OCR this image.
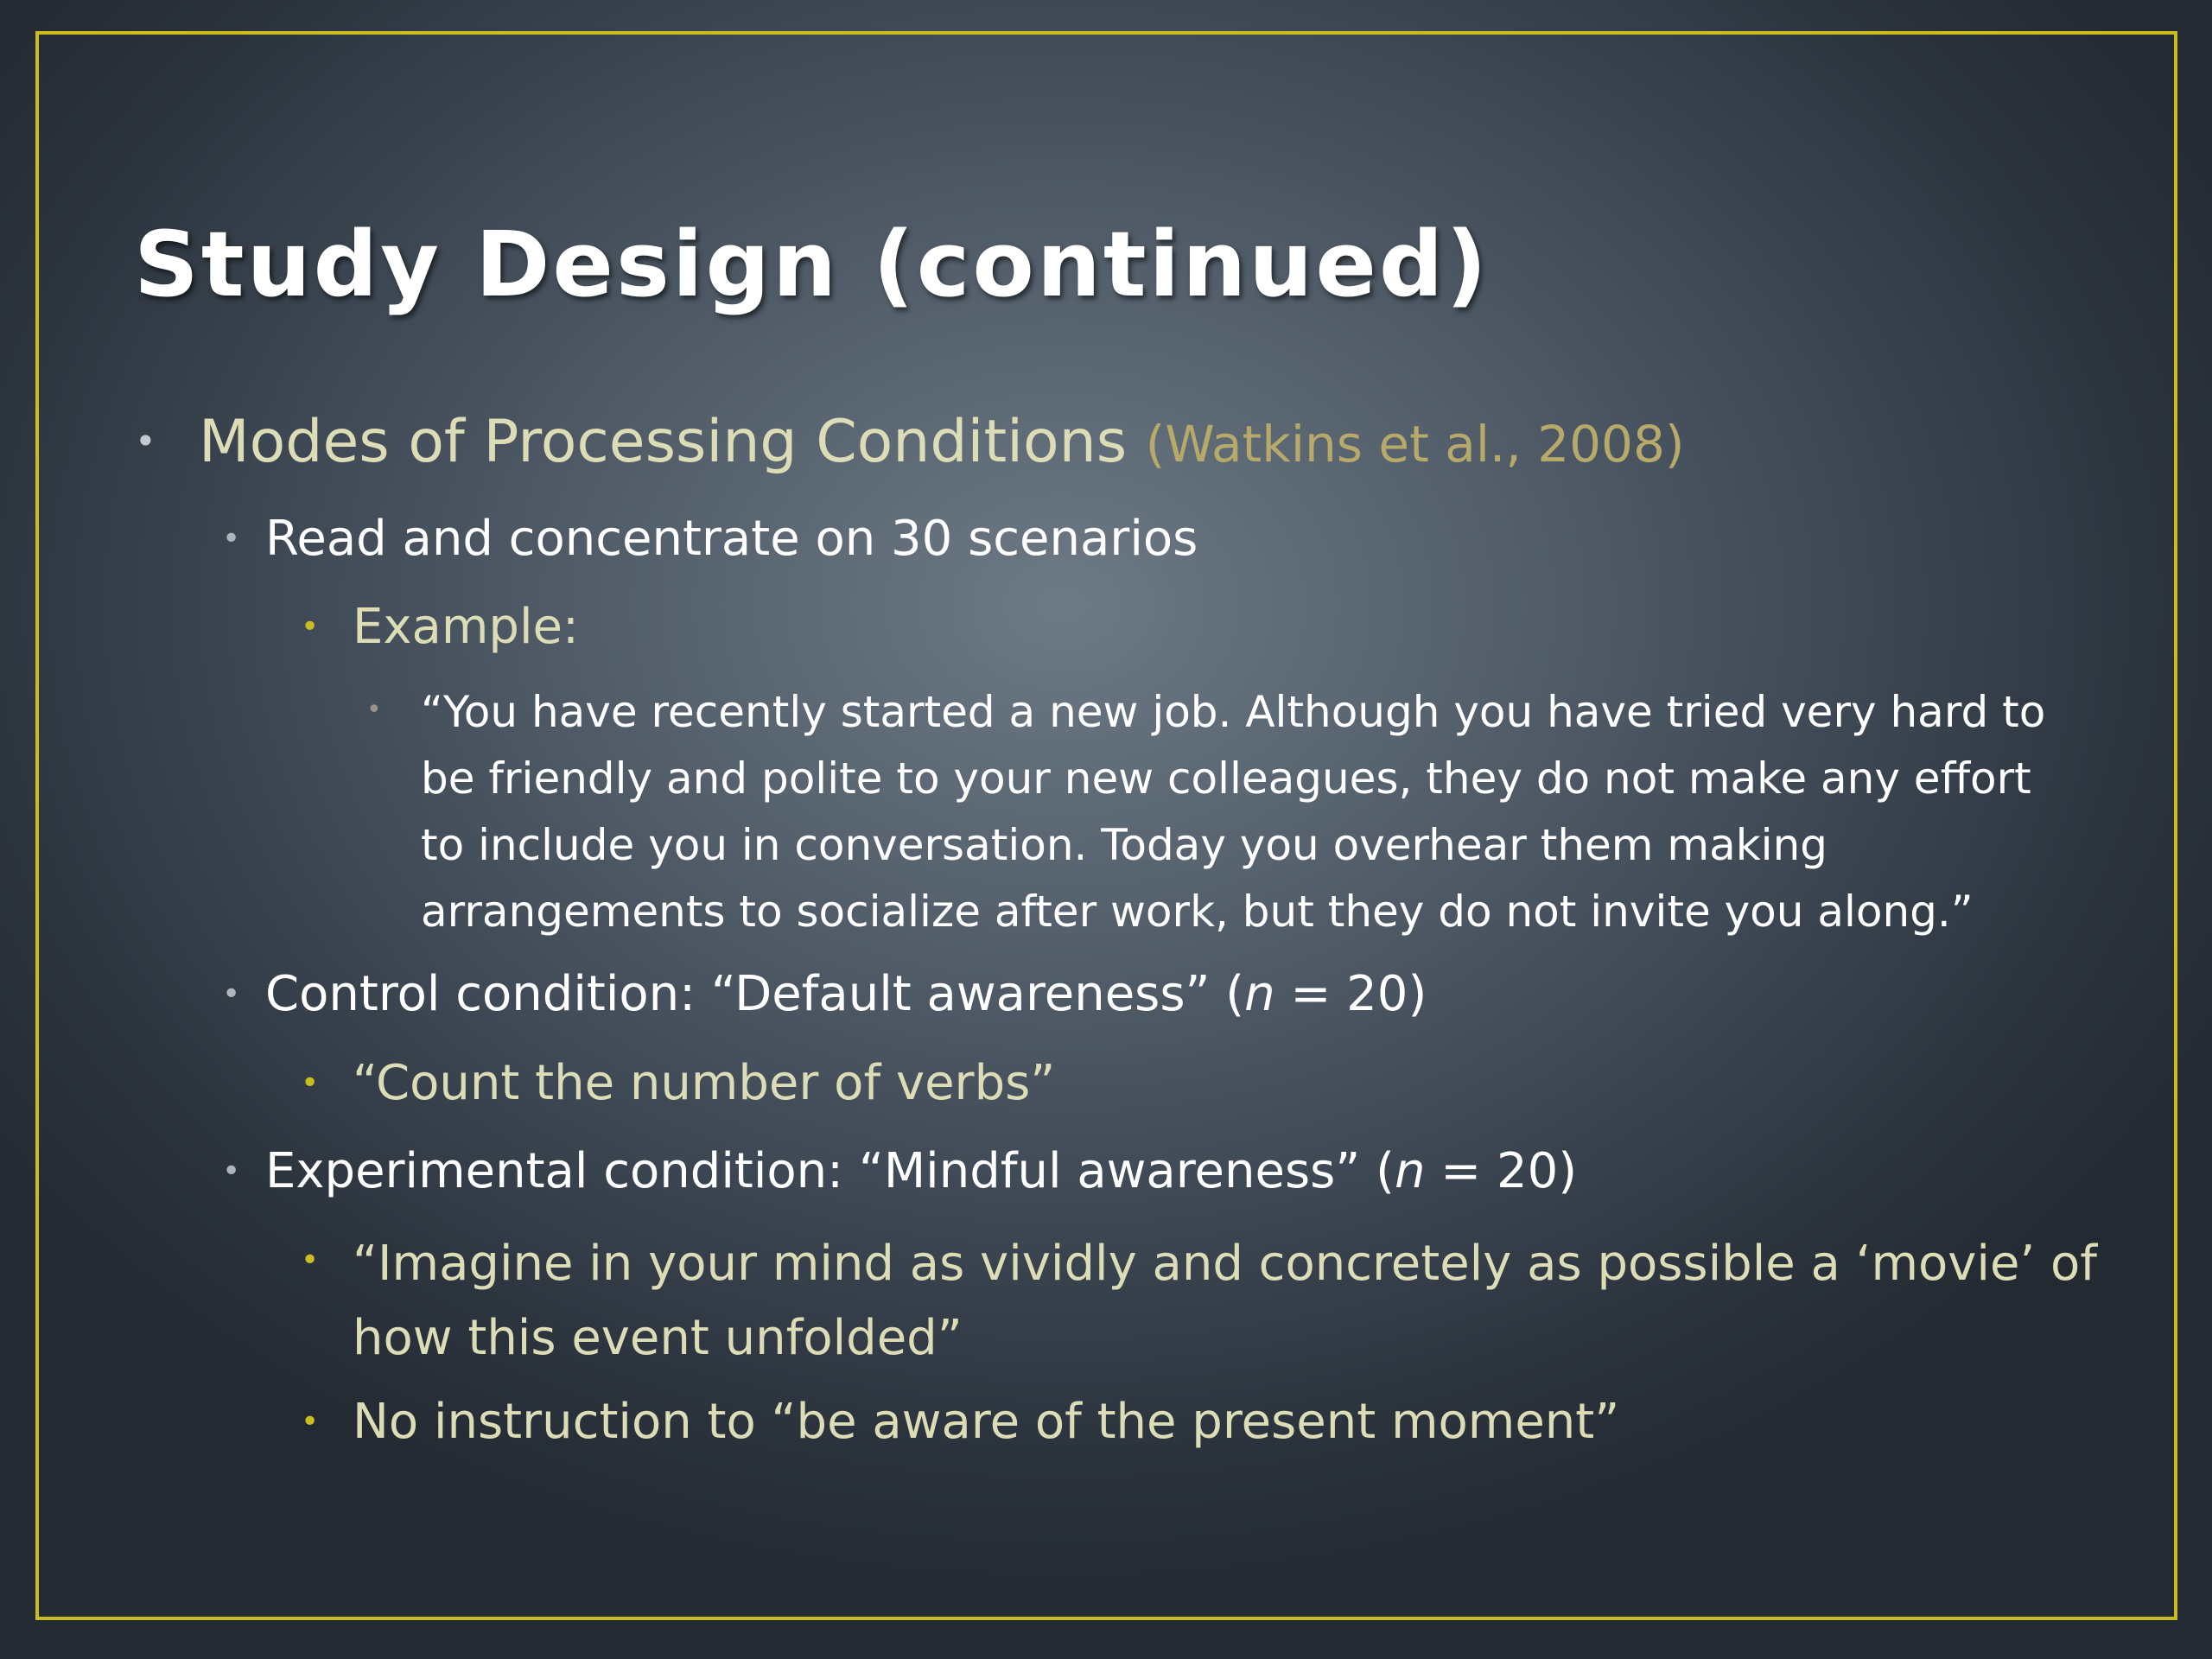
Study Design (continued)
• Modes of Processing Conditions (Watkins et al., 2008)
• Read and concentrate on 30 scenarios
• Example:
• “You have recently started a new job. Although you have tried very hard to
be friendly and polite to your new colleagues, they do not make any effort
to include you in conversation. Today you overhear them making
arrangements to socialize after work, but they do not invite you along.”
• Control condition: “Default awareness” (n = 20)
• “Count the number of verbs”
• Experimental condition: “Mindful awareness” (n = 20)
• “Imagine in your mind as vividly and concretely as possible a ‘movie’ of
how this event unfolded”
• No instruction to “be aware of the present moment”
